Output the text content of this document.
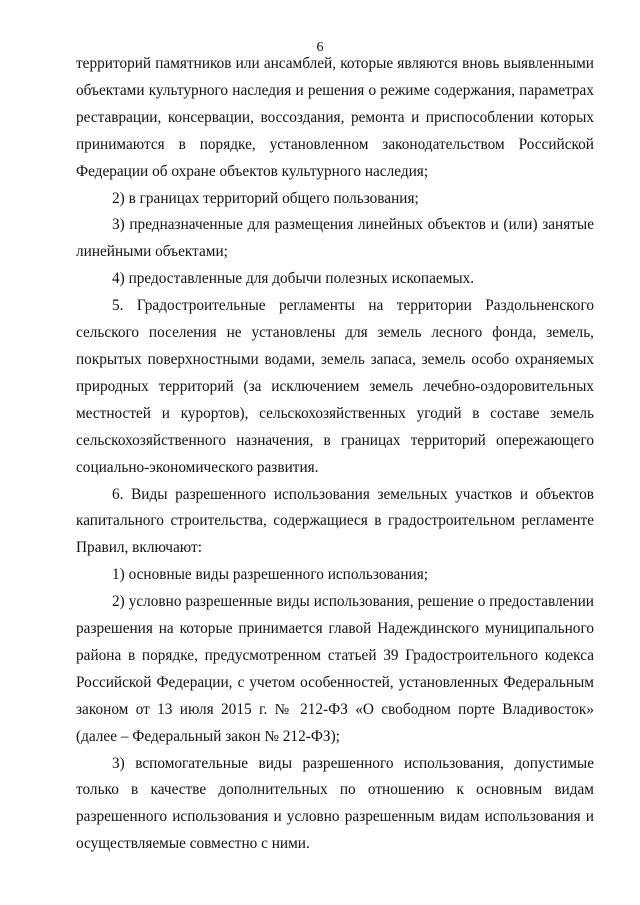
6

территорий памятников или ансамблей, которые являются вновь выявленными объектами культурного наследия и решения о режиме содержания, параметрах реставрации, консервации, воссоздания, ремонта и приспособлении которых принимаются в порядке, установленном законодательством Российской Федерации об охране объектов культурного наследия;

2) в границах территорий общего пользования;

3) предназначенные для размещения линейных объектов и (или) занятые линейными объектами;

4) предоставленные для добычи полезных ископаемых.

5. Градостроительные регламенты на территории Раздольненского сельского поселения не установлены для земель лесного фонда, земель, покрытых поверхностными водами, земель запаса, земель особо охраняемых природных территорий (за исключением земель лечебно-оздоровительных местностей и курортов), сельскохозяйственных угодий в составе земель сельскохозяйственного назначения, в границах территорий опережающего социально-экономического развития.

6. Виды разрешенного использования земельных участков и объектов капитального строительства, содержащиеся в градостроительном регламенте Правил, включают:

1) основные виды разрешенного использования;

2) условно разрешенные виды использования, решение о предоставлении разрешения на которые принимается главой Надеждинского муниципального района в порядке, предусмотренном статьей 39 Градостроительного кодекса Российской Федерации, с учетом особенностей, установленных Федеральным законом от 13 июля 2015 г. № 212-ФЗ «О свободном порте Владивосток» (далее – Федеральный закон № 212-ФЗ);

3) вспомогательные виды разрешенного использования, допустимые только в качестве дополнительных по отношению к основным видам разрешенного использования и условно разрешенным видам использования и осуществляемые совместно с ними.
